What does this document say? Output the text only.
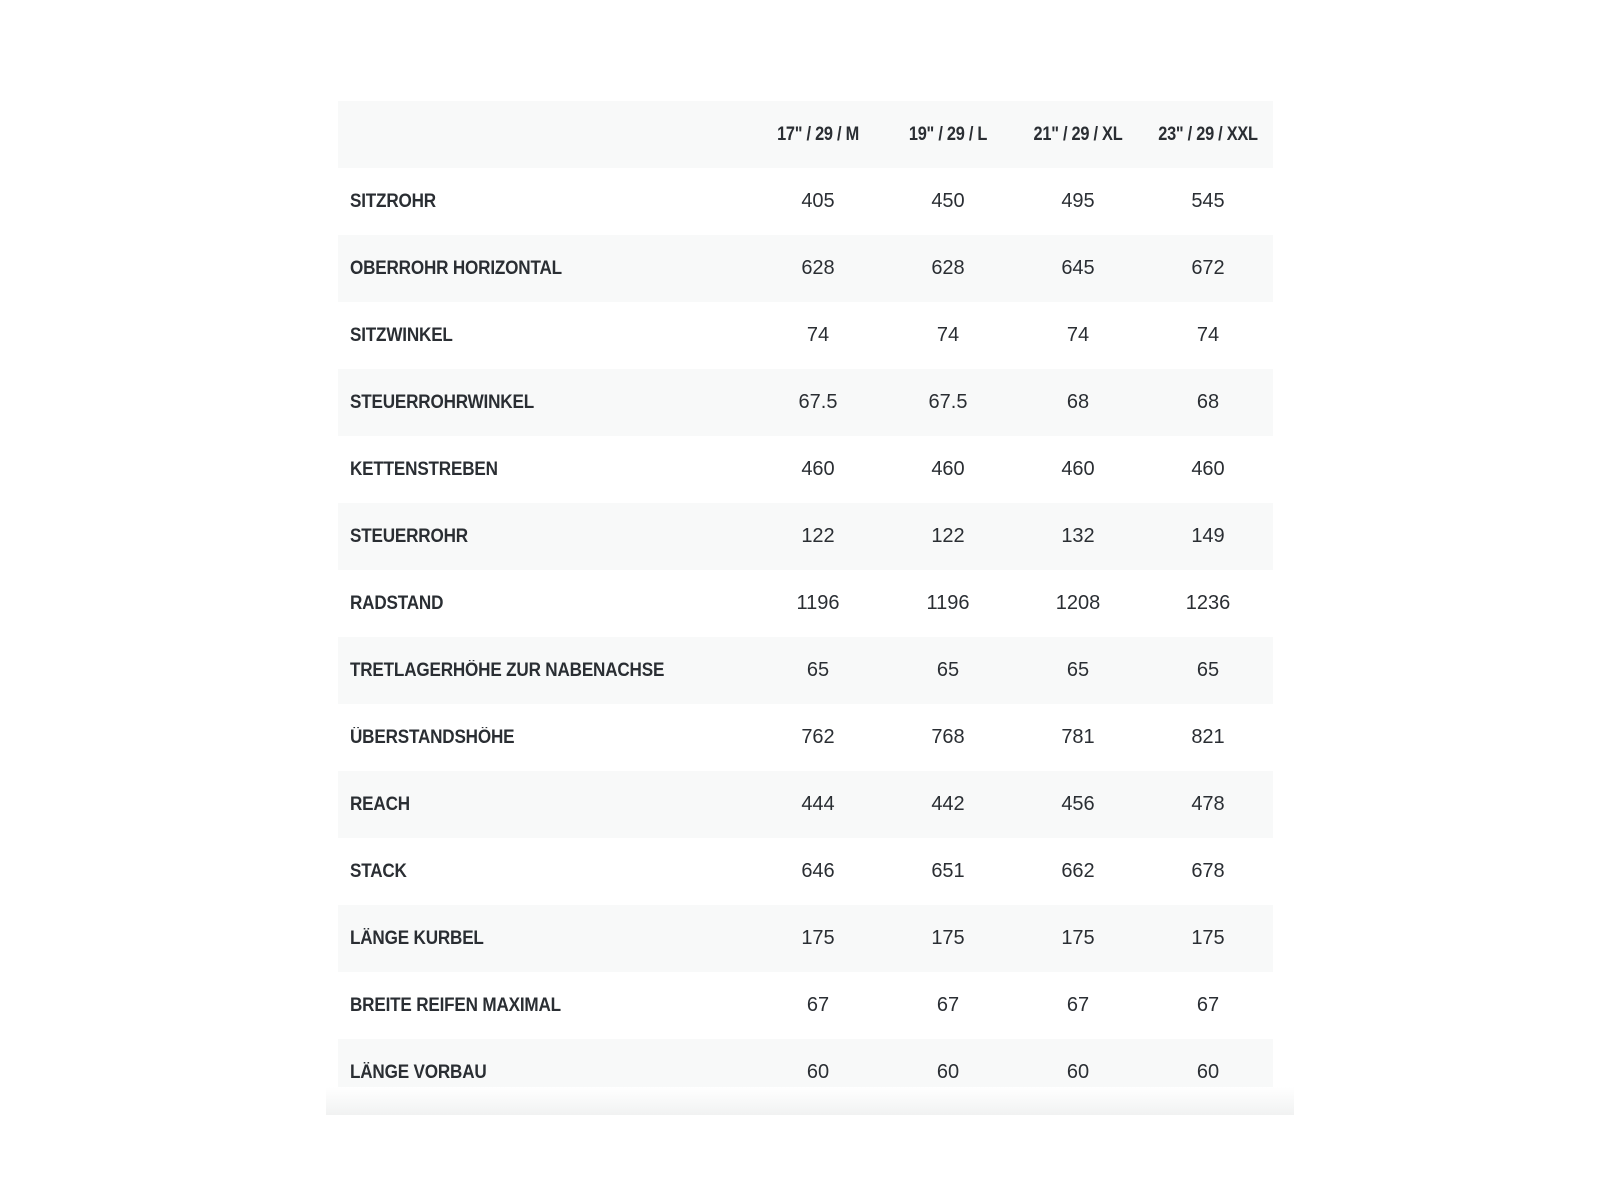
	17" / 29 / M	19" / 29 / L	21" / 29 / XL	23" / 29 / XXL

SITZROHR	405	450	495	545
OBERROHR HORIZONTAL	628	628	645	672
SITZWINKEL	74	74	74	74
STEUERROHRWINKEL	67.5	67.5	68	68
KETTENSTREBEN	460	460	460	460
STEUERROHR	122	122	132	149
RADSTAND	1196	1196	1208	1236
TRETLAGERHÖHE ZUR NABENACHSE	65	65	65	65
ÜBERSTANDSHÖHE	762	768	781	821
REACH	444	442	456	478
STACK	646	651	662	678
LÄNGE KURBEL	175	175	175	175
BREITE REIFEN MAXIMAL	67	67	67	67
LÄNGE VORBAU	60	60	60	60
